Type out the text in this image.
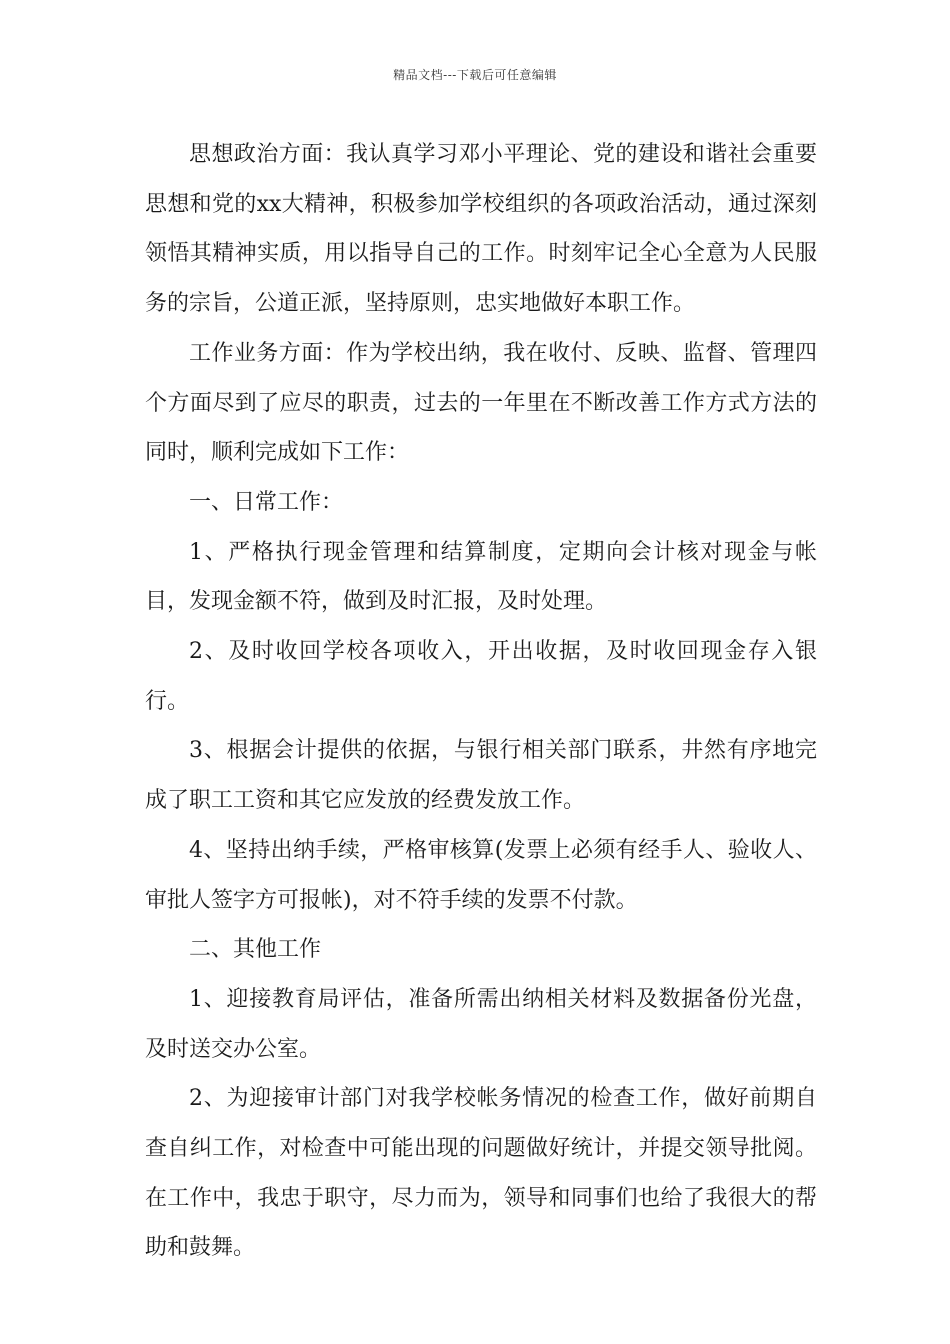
精品文档---下载后可任意编辑

思想政治方面：我认真学习邓小平理论、党的建设和谐社会重要思想和党的xx大精神，积极参加学校组织的各项政治活动，通过深刻领悟其精神实质，用以指导自己的工作。时刻牢记全心全意为人民服务的宗旨，公道正派，坚持原则，忠实地做好本职工作。

工作业务方面：作为学校出纳，我在收付、反映、监督、管理四个方面尽到了应尽的职责，过去的一年里在不断改善工作方式方法的同时，顺利完成如下工作：

一、日常工作：

1、严格执行现金管理和结算制度，定期向会计核对现金与帐目，发现金额不符，做到及时汇报，及时处理。

2、及时收回学校各项收入，开出收据，及时收回现金存入银行。

3、根据会计提供的依据，与银行相关部门联系，井然有序地完成了职工工资和其它应发放的经费发放工作。

4、坚持出纳手续，严格审核算(发票上必须有经手人、验收人、审批人签字方可报帐)，对不符手续的发票不付款。

二、其他工作

1、迎接教育局评估，准备所需出纳相关材料及数据备份光盘，及时送交办公室。

2、为迎接审计部门对我学校帐务情况的检查工作，做好前期自查自纠工作，对检查中可能出现的问题做好统计，并提交领导批阅。在工作中，我忠于职守，尽力而为，领导和同事们也给了我很大的帮助和鼓舞。
